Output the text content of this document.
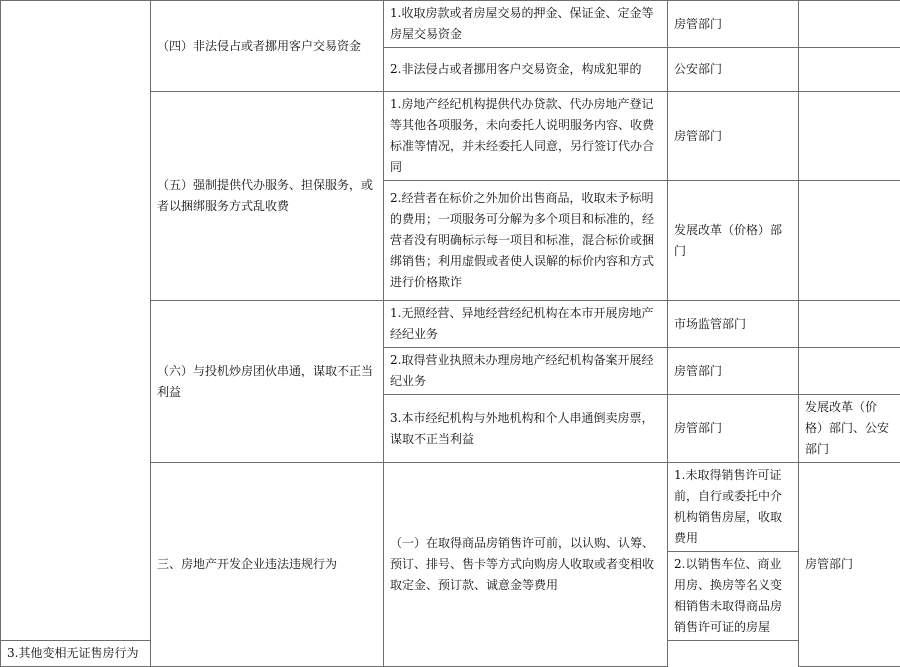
	（四）非法侵占或者挪用客户交易资金	1.收取房款或者房屋交易的押金、保证金、定金等房屋交易资金	房管部门		
		2.非法侵占或者挪用客户交易资金，构成犯罪的	公安部门		
	（五）强制提供代办服务、担保服务，或者以捆绑服务方式乱收费	1.房地产经纪机构提供代办贷款、代办房地产登记等其他各项服务，未向委托人说明服务内容、收费标准等情况，并未经委托人同意，另行签订代办合同	房管部门		
		2.经营者在标价之外加价出售商品，收取未予标明的费用；一项服务可分解为多个项目和标准的，经营者没有明确标示每一项目和标准，混合标价或捆绑销售；利用虚假或者使人误解的标价内容和方式进行价格欺诈	发展改革（价格）部门		
	（六）与投机炒房团伙串通，谋取不正当利益	1.无照经营、异地经营经纪机构在本市开展房地产经纪业务	市场监管部门		
		2.取得营业执照未办理房地产经纪机构备案开展经纪业务	房管部门		
		3.本市经纪机构与外地机构和个人串通倒卖房票，谋取不正当利益	房管部门	发展改革（价格）部门、公安部门	
	三、房地产开发企业违法违规行为	（一）在取得商品房销售许可前，以认购、认筹、预订、排号、售卡等方式向购房人收取或者变相收取定金、预订款、诚意金等费用	1.未取得销售许可证前，自行或委托中介机构销售房屋，收取费用	房管部门	
			2.以销售车位、商业用房、换房等名义变相销售未取得商品房销售许可证的房屋		
3.其他变相无证售房行为					
